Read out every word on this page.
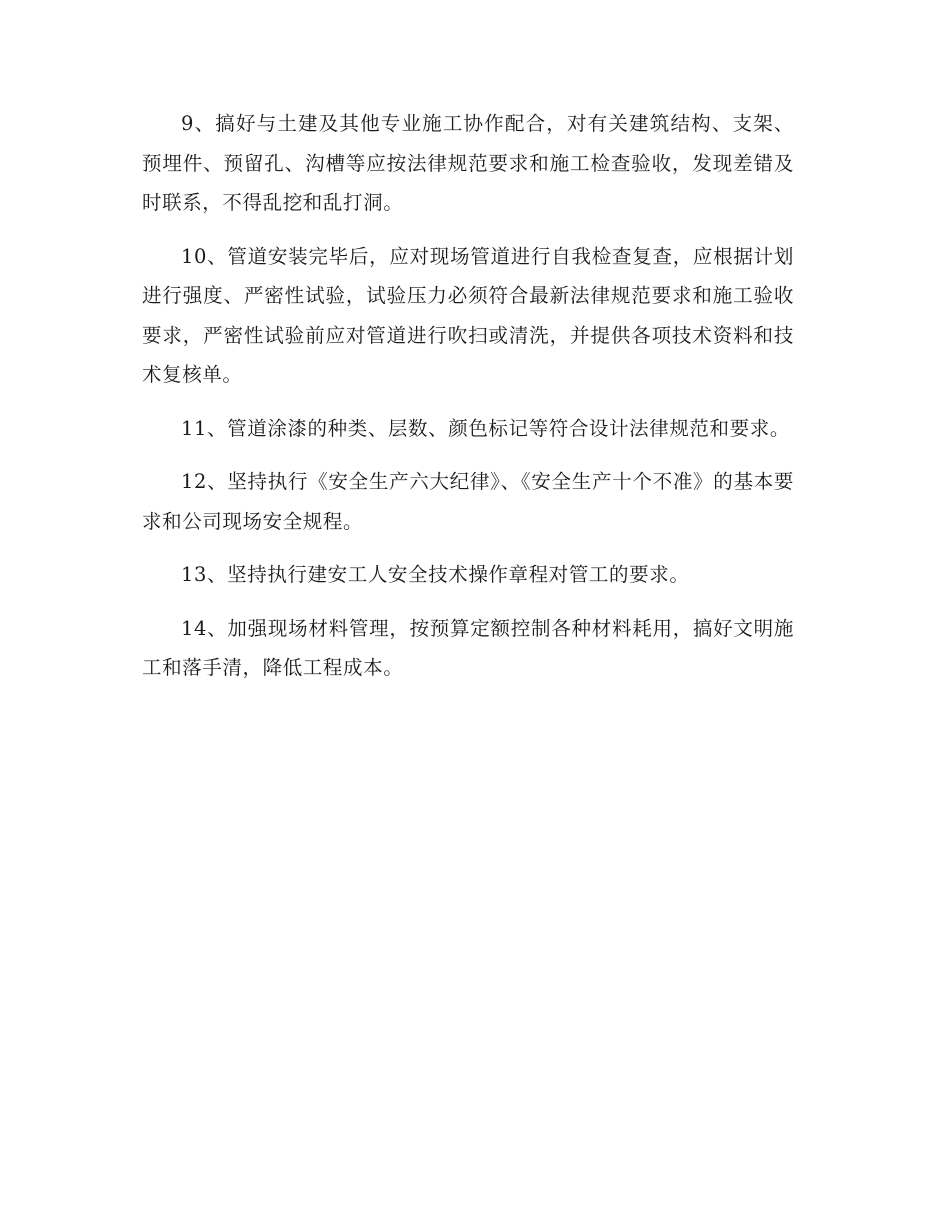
9、搞好与土建及其他专业施工协作配合，对有关建筑结构、支架、预埋件、预留孔、沟槽等应按法律规范要求和施工检查验收，发现差错及时联系，不得乱挖和乱打洞。

10、管道安装完毕后，应对现场管道进行自我检查复查，应根据计划进行强度、严密性试验，试验压力必须符合最新法律规范要求和施工验收要求，严密性试验前应对管道进行吹扫或清洗，并提供各项技术资料和技术复核单。

11、管道涂漆的种类、层数、颜色标记等符合设计法律规范和要求。

12、坚持执行《安全生产六大纪律》、《安全生产十个不准》的基本要求和公司现场安全规程。

13、坚持执行建安工人安全技术操作章程对管工的要求。

14、加强现场材料管理，按预算定额控制各种材料耗用，搞好文明施工和落手清，降低工程成本。
